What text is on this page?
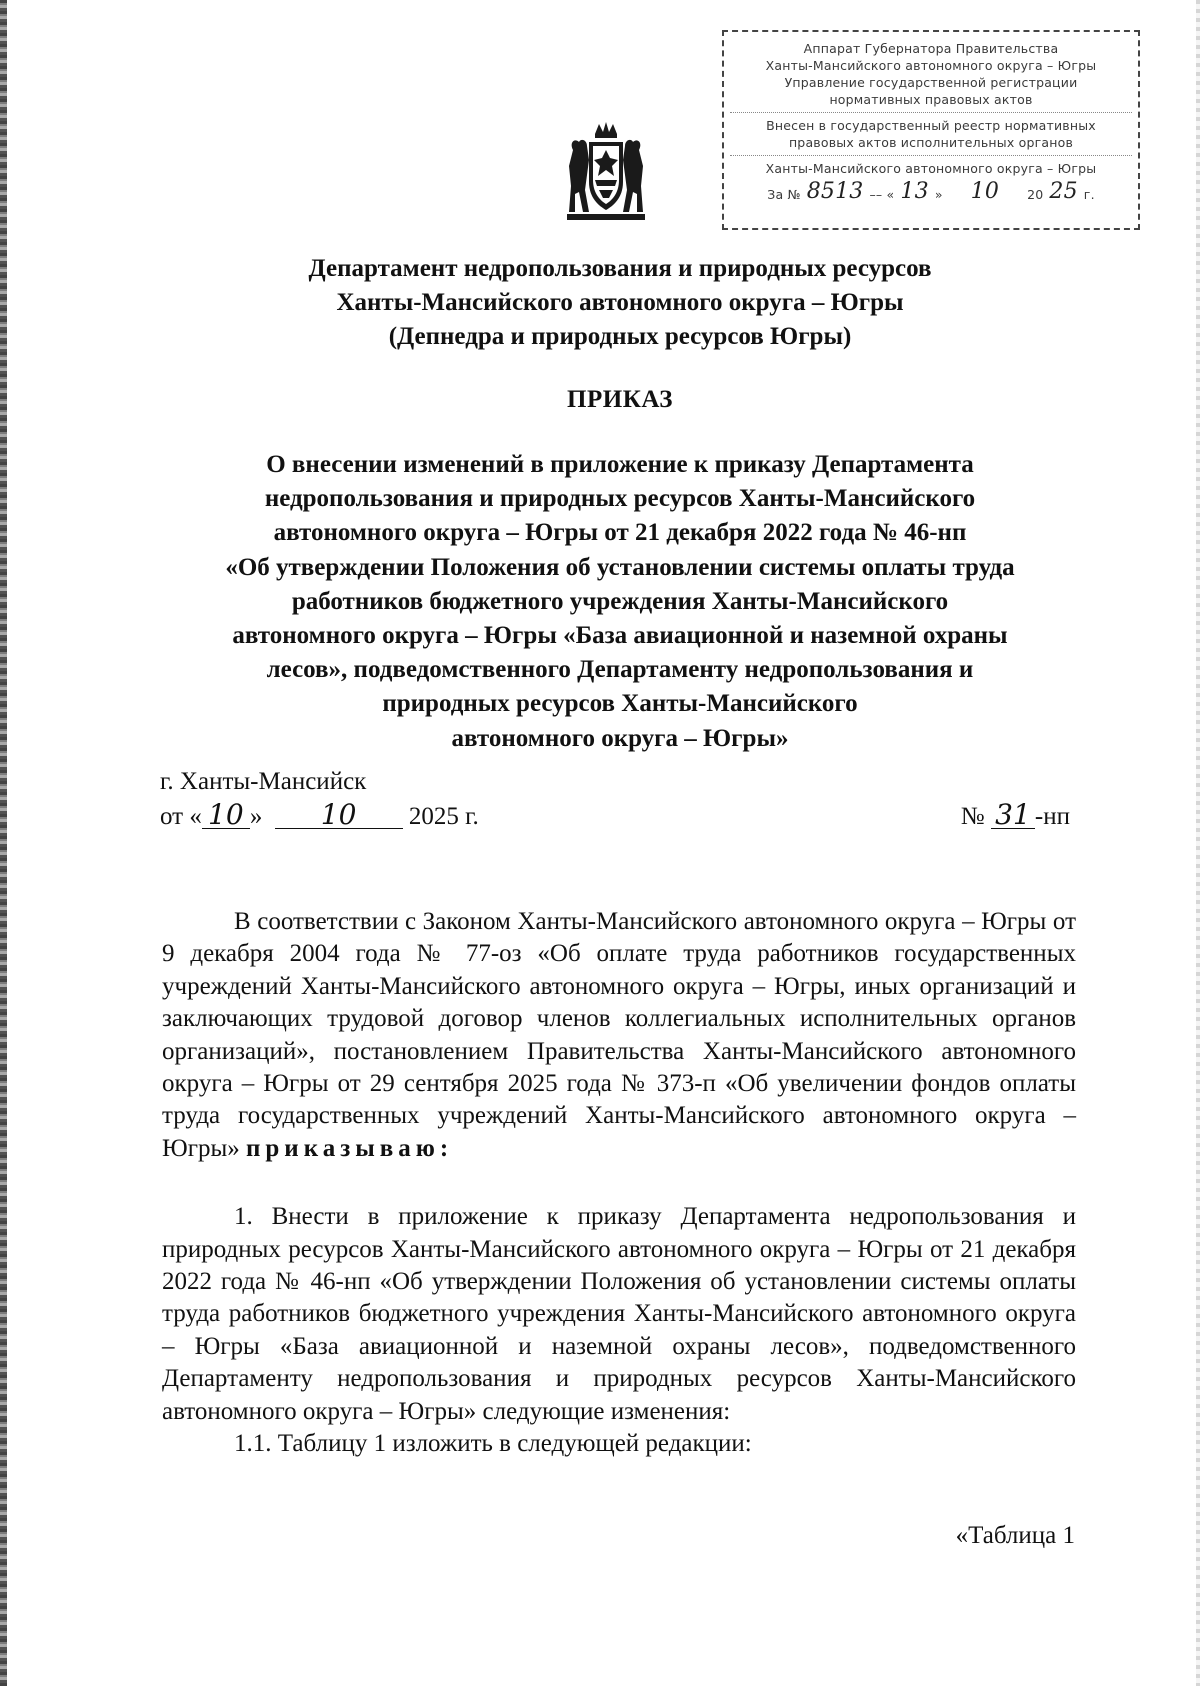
Аппарат Губернатора Правительства

Ханты-Мансийского автономного округа – Югры

Управление государственной регистрации

нормативных правовых актов

Внесен в государственный реестр нормативных

правовых актов исполнительных органов

Ханты-Мансийского автономного округа – Югры

За № 8513 –– « 13 » 10 20 25 г.
Департамент недропользования и природных ресурсов
Ханты-Мансийского автономного округа – Югры
(Депнедра и природных ресурсов Югры)
ПРИКАЗ
О внесении изменений в приложение к приказу Департамента
недропользования и природных ресурсов Ханты-Мансийского
автономного округа – Югры от 21 декабря 2022 года № 46-нп
«Об утверждении Положения об установлении системы оплаты труда
работников бюджетного учреждения Ханты-Мансийского
автономного округа – Югры «База авиационной и наземной охраны
лесов», подведомственного Департаменту недропользования и
природных ресурсов Ханты-Мансийского
автономного округа – Югры»
г. Ханты-Мансийск
от « 10 » 10 2025 г.	№ 31 -нп

В соответствии с Законом Ханты-Мансийского автономного округа – Югры от 9 декабря 2004 года № 77-оз «Об оплате труда работников государственных учреждений Ханты-Мансийского автономного округа – Югры, иных организаций и заключающих трудовой договор членов коллегиальных исполнительных органов организаций», постановлением Правительства Ханты-Мансийского автономного округа – Югры от 29 сентября 2025 года № 373-п «Об увеличении фондов оплаты труда государственных учреждений Ханты-Мансийского автономного округа – Югры» приказываю:

1. Внести в приложение к приказу Департамента недропользования и природных ресурсов Ханты-Мансийского автономного округа – Югры от 21 декабря 2022 года № 46-нп «Об утверждении Положения об установлении системы оплаты труда работников бюджетного учреждения Ханты-Мансийского автономного округа – Югры «База авиационной и наземной охраны лесов», подведомственного Департаменту недропользования и природных ресурсов Ханты-Мансийского автономного округа – Югры» следующие изменения:

1.1. Таблицу 1 изложить в следующей редакции:

«Таблица 1
